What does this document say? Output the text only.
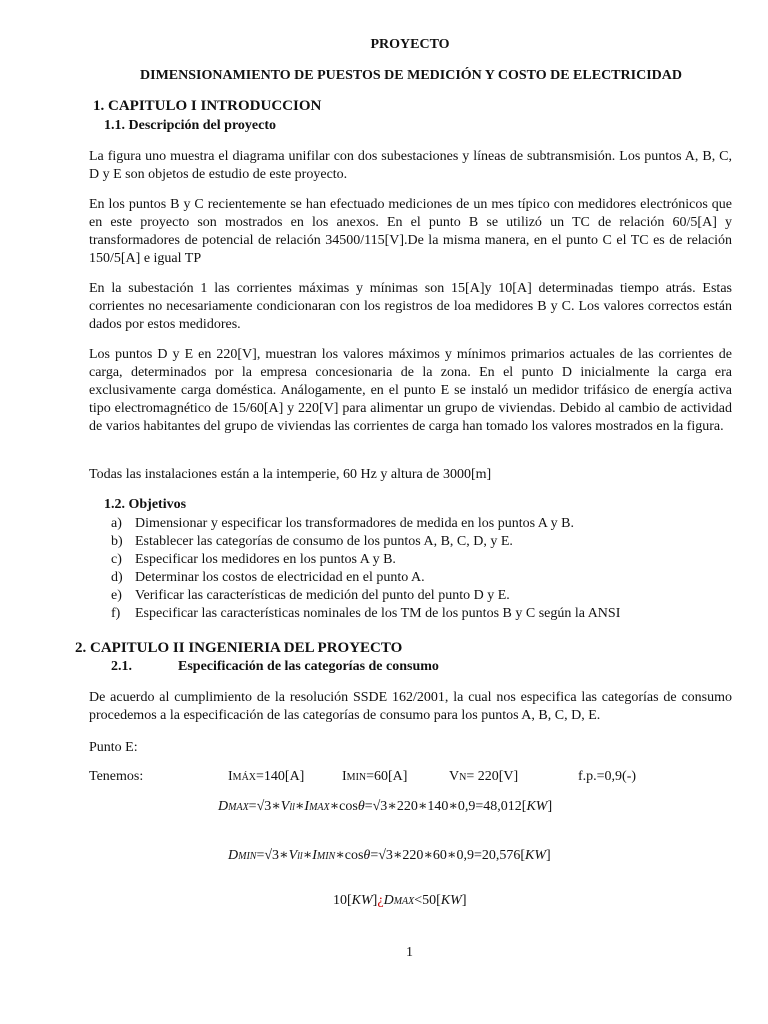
PROYECTO
DIMENSIONAMIENTO DE PUESTOS DE MEDICIÓN Y COSTO DE ELECTRICIDAD
1. CAPITULO I INTRODUCCION
1.1. Descripción del proyecto
La figura uno muestra el diagrama unifilar con dos subestaciones y líneas de subtransmisión. Los puntos A, B, C, D y E son objetos de estudio de este proyecto.
En los puntos B y C recientemente se han efectuado mediciones de un mes típico con medidores electrónicos que en este proyecto son mostrados en los anexos. En el punto B se utilizó un TC de relación 60/5[A] y transformadores de potencial de relación 34500/115[V].De la misma manera, en el punto C el TC es de relación 150/5[A] e igual TP
En la subestación 1 las corrientes máximas y mínimas son 15[A]y 10[A] determinadas tiempo atrás. Estas corrientes no necesariamente condicionaran con los registros de loa medidores B y C. Los valores correctos están dados por estos medidores.
Los puntos D y E en 220[V], muestran los valores máximos y mínimos primarios actuales de las corrientes de carga, determinados por la empresa concesionaria de la zona. En el punto D inicialmente la carga era exclusivamente carga doméstica. Análogamente, en el punto E se instaló un medidor trifásico de energía activa tipo electromagnético de 15/60[A] y 220[V] para alimentar un grupo de viviendas. Debido al cambio de actividad de varios habitantes del grupo de viviendas las corrientes de carga han tomado los valores mostrados en la figura.
Todas las instalaciones están a la intemperie, 60 Hz y altura de 3000[m]
1.2. Objetivos
a) Dimensionar y especificar los transformadores de medida en los puntos A y B.
b) Establecer las categorías de consumo de los puntos A, B, C, D, y E.
c) Especificar los medidores en los puntos A y B.
d) Determinar los costos de electricidad en el punto A.
e) Verificar las características de medición del punto del punto D y E.
f) Especificar las características nominales de los TM de los puntos B y C según la ANSI
2. CAPITULO II INGENIERIA DEL PROYECTO
2.1.	Especificación de las categorías de consumo
De acuerdo al cumplimiento de la resolución SSDE 162/2001, la cual nos especifica las categorías de consumo procedemos a la especificación de las categorías de consumo para los puntos A, B, C, D, E.
Punto E:
Tenemos:	IMÁX=140[A]	IMIN=60[A]	VN= 220[V]	f.p.=0,9(-)
DMAX=√3∗Vll∗IMAX∗cosθ=√3∗220∗140∗0,9=48,012[KW]
DMIN=√3∗Vll∗IMIN∗cosθ=√3∗220∗60∗0,9=20,576[KW]
10[KW]¿DMAX<50[KW]
1
